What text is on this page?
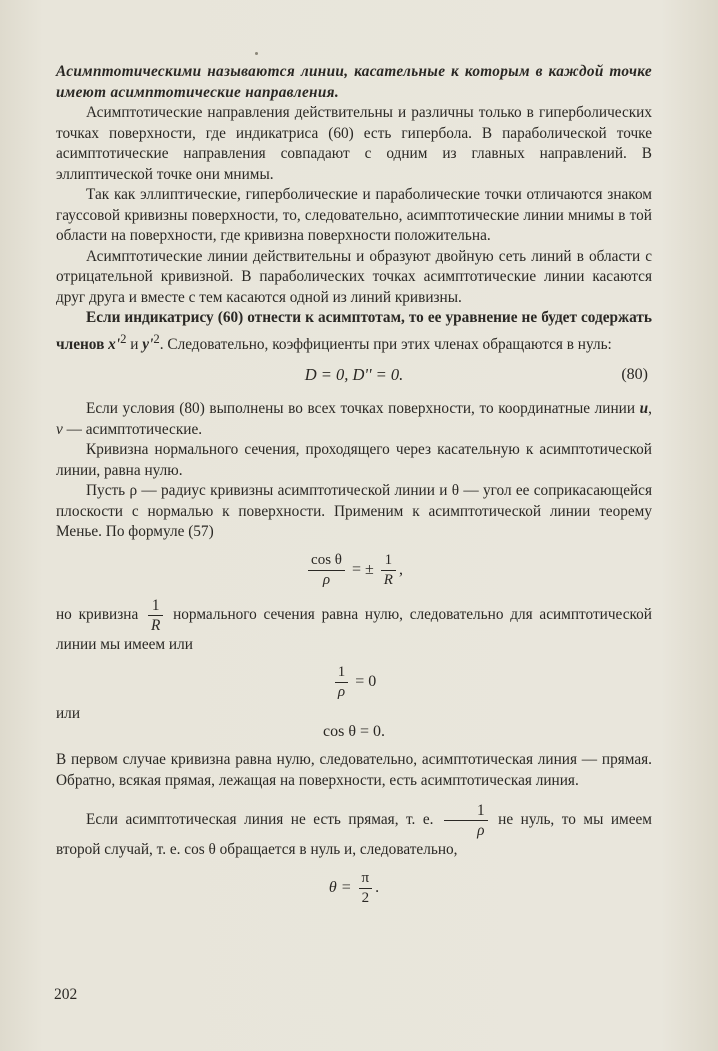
Асимптотическими называются линии, касательные к которым в каждой точке имеют асимптотические направления.

Асимптотические направления действительны и различны только в гиперболических точках поверхности, где индикатриса (60) есть гипербола. В параболической точке асимптотические направления совпадают с одним из главных направлений. В эллиптической точке они мнимы.

Так как эллиптические, гиперболические и параболические точки отличаются знаком гауссовой кривизны поверхности, то, следовательно, асимптотические линии мнимы в той области на поверхности, где кривизна поверхности положительна.

Асимптотические линии действительны и образуют двойную сеть линий в области с отрицательной кривизной. В параболических точках асимптотические линии касаются друг друга и вместе с тем касаются одной из линий кривизны.

Если индикатрису (60) отнести к асимптотам, то ее уравнение не будет содержать членов $x'^2$ и $y'^2$. Следовательно, коэффициенты при этих членах обращаются в нуль:

D = 0, D'' = 0.	(80)

Если условия (80) выполнены во всех точках поверхности, то координатные линии u, v — асимптотические.

Кривизна нормального сечения, проходящего через касательную к асимптотической линии, равна нулю.

Пусть ρ — радиус кривизны асимптотической линии и θ — угол ее соприкасающейся плоскости с нормалью к поверхности. Применим к асимптотической линии теорему Менье. По формуле (57)

$\frac{\text{cos θ}}{\rho}$ = ± $\frac{1}{R}$ ,

но кривизна $\frac{1}{R}$ нормального сечения равна нулю, следовательно для асимптотической линии мы имеем или

$\frac{1}{\rho} = 0$
или
cos θ = 0.

В первом случае кривизна равна нулю, следовательно, асимптотическая линия — прямая. Обратно, всякая прямая, лежащая на поверхности, есть асимптотическая линия.

Если асимптотическая линия не есть прямая, т. е. $\frac{1}{\rho}$ не нуль, то мы имеем второй случай, т. е. cos θ обращается в нуль и, следовательно,

$\theta = \frac{\pi}{2}$ .
202
